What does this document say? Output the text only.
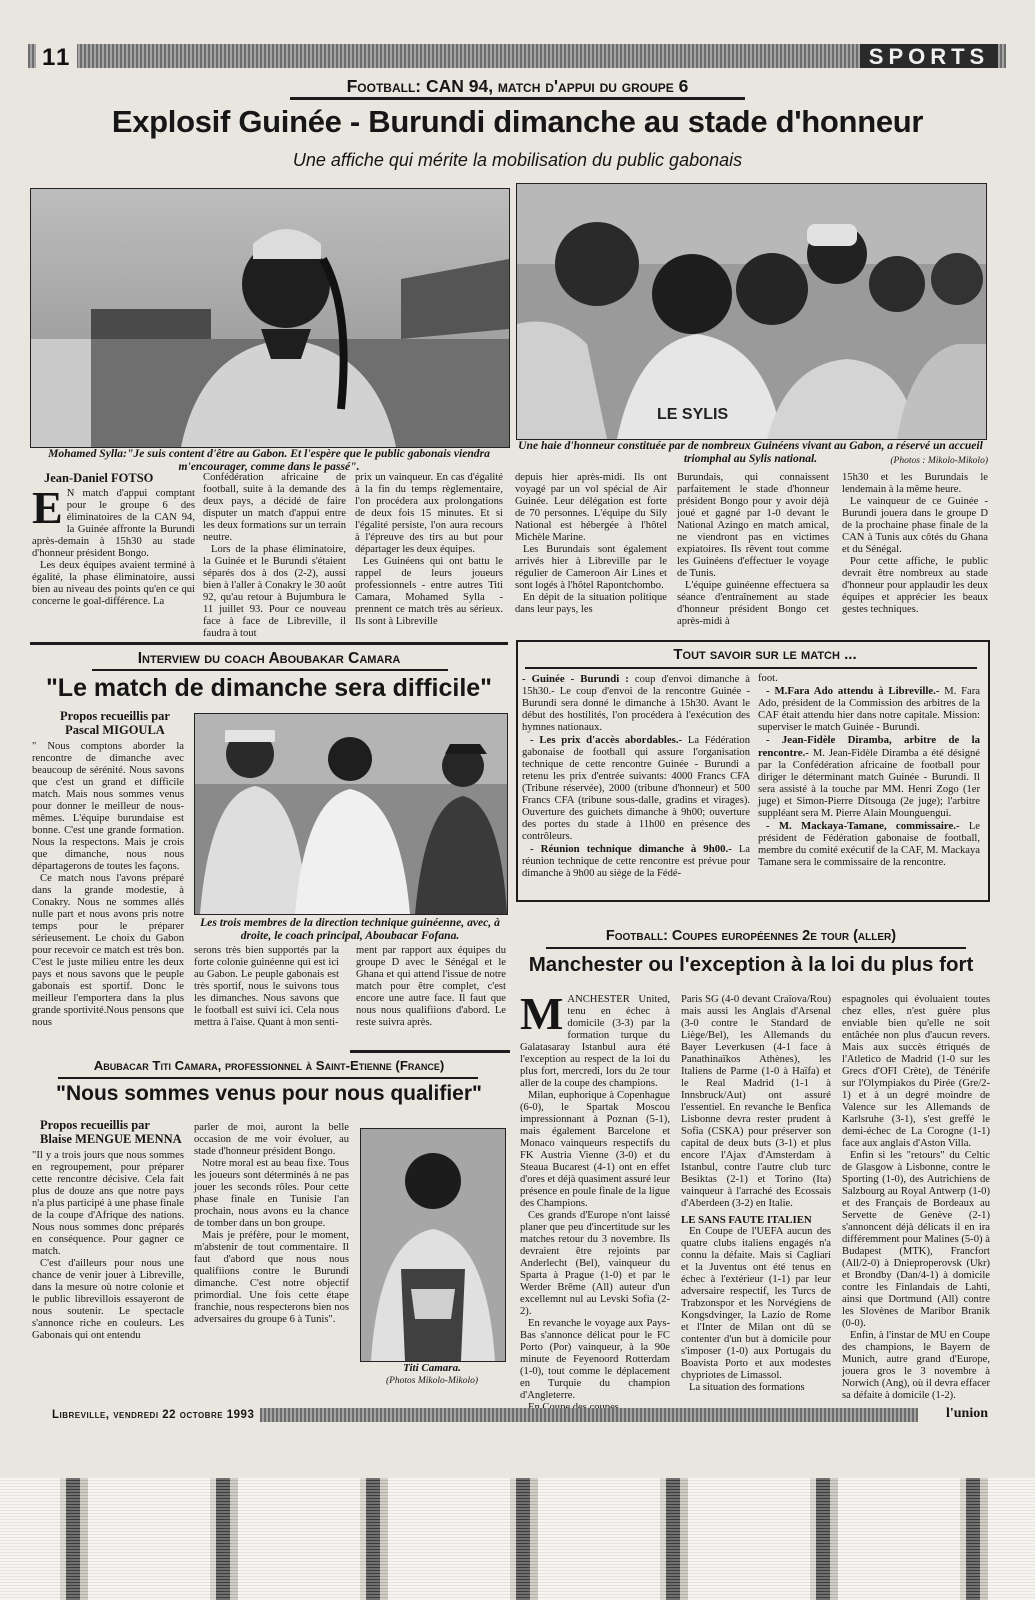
11	SPORTS
Football: CAN 94, match d'appui du groupe 6
Explosif Guinée - Burundi dimanche au stade d'honneur
Une affiche qui mérite la mobilisation du public gabonais
Mohamed Sylla:"Je suis content d'être au Gabon. Et l'espère que le public gabonais viendra m'encourager, comme dans le passé".
LE SYLIS
Une haie d'honneur constituée par de nombreux Guinéens vivant au Gabon, a réservé un accueil triomphal au Sylis national.	(Photos : Mikolo-Mikolo)
Jean-Daniel FOTSO

E N match d'appui comptant pour le groupe 6 des éliminatoires de la CAN 94, la Guinée affronte la Burundi après-demain à 15h30 au stade d'honneur président Bongo.

Les deux équipes avaient terminé à égalité, la phase éliminatoire, aussi bien au niveau des points qu'en ce qui concerne le goal-différence. La

Confédération africaine de football, suite à la demande des deux pays, a décidé de faire disputer un match d'appui entre les deux formations sur un terrain neutre.

Lors de la phase éliminatoire, la Guinée et le Burundi s'étaient séparés dos à dos (2-2), aussi bien à l'aller à Conakry le 30 août 92, qu'au retour à Bujumbura le 11 juillet 93. Pour ce nouveau face à face de Libreville, il faudra à tout

prix un vainqueur. En cas d'égalité à la fin du temps règlementaire, l'on procédera aux prolongations de deux fois 15 minutes. Et si l'égalité persiste, l'on aura recours à l'épreuve des tirs au but pour départager les deux équipes.

Les Guinéens qui ont battu le rappel de leurs joueurs professionnels - entre autres Titi Camara, Mohamed Sylla - prennent ce match très au sérieux. Ils sont à Libreville

depuis hier après-midi. Ils ont voyagé par un vol spécial de Air Guinée. Leur délégation est forte de 70 personnes. L'équipe du Sily National est hébergée à l'hôtel Michèle Marine.

Les Burundais sont également arrivés hier à Libreville par le régulier de Cameroon Air Lines et sont logés à l'hôtel Rapontchombo.

En dépit de la situation politique dans leur pays, les

Burundais, qui connaissent parfaitement le stade d'honneur président Bongo pour y avoir déjà joué et gagné par 1-0 devant le National Azingo en match amical, ne viendront pas en victimes expiatoires. Ils rêvent tout comme les Guinéens d'effectuer le voyage de Tunis.

L'équipe guinéenne effectuera sa séance d'entraînement au stade d'honneur président Bongo cet après-midi à

15h30 et les Burundais le lendemain à la même heure.

Le vainqueur de ce Guinée - Burundi jouera dans le groupe D de la prochaine phase finale de la CAN à Tunis aux côtés du Ghana et du Sénégal.

Pour cette affiche, le public devrait être nombreux au stade d'honneur pour applaudir les deux équipes et apprécier les beaux gestes techniques.

Interview du coach Aboubakar Camara
"Le match de dimanche sera difficile"
Propos recueillis par
Pascal MIGOULA

" Nous comptons aborder la rencontre de dimanche avec beaucoup de sérénité. Nous savons que c'est un grand et difficile match. Mais nous sommes venus pour donner le meilleur de nous-mêmes. L'équipe burundaise est bonne. C'est une grande formation. Nous la respectons. Mais je crois que dimanche, nous nous départagerons de toutes les façons.

Ce match nous l'avons préparé dans la grande modestie, à Conakry. Nous ne sommes allés nulle part et nous avons pris notre temps pour le préparer sérieusement. Le choix du Gabon pour recevoir ce match est très bon. C'est le juste milieu entre les deux pays et nous savons que le peuple gabonais est sportif. Donc le meilleur l'emportera dans la plus grande sportivité.Nous pensons que nous

Les trois membres de la direction technique guinéenne, avec, à droite, le coach principal, Aboubacar Fofana.

serons très bien supportés par la forte colonie guinéenne qui est ici au Gabon. Le peuple gabonais est très sportif, nous le suivons tous les dimanches. Nous savons que le football est suivi ici. Cela nous mettra à l'aise. Quant à mon senti-

ment par rapport aux équipes du groupe D avec le Sénégal et le Ghana et qui attend l'issue de notre match pour être complet, c'est encore une autre face. Il faut que nous nous qualifiions d'abord. Le reste suivra après.

Abubacar Titi Camara, professionnel à Saint-Etienne (France)
"Nous sommes venus pour nous qualifier"
Propos recueillis par
Blaise MENGUE MENNA

"Il y a trois jours que nous sommes en regroupement, pour préparer cette rencontre décisive. Cela fait plus de douze ans que notre pays n'a plus participé à une phase finale de la coupe d'Afrique des nations. Nous nous sommes donc préparés en conséquence. Pour gagner ce match.

C'est d'ailleurs pour nous une chance de venir jouer à Libreville, dans la mesure où notre colonie et le public librevillois essayeront de nous soutenir. Le spectacle s'annonce riche en couleurs. Les Gabonais qui ont entendu

parler de moi, auront la belle occasion de me voir évoluer, au stade d'honneur président Bongo.

Notre moral est au beau fixe. Tous les joueurs sont déterminés à ne pas jouer les seconds rôles. Pour cette phase finale en Tunisie l'an prochain, nous avons eu la chance de tomber dans un bon groupe.

Mais je préfère, pour le moment, m'abstenir de tout commentaire. Il faut d'abord que nous nous qualifiions contre le Burundi dimanche. C'est notre objectif primordial. Une fois cette étape franchie, nous respecterons bien nos adversaires du groupe 6 à Tunis".

Titi Camara.
(Photos Mikolo-Mikolo)
Tout savoir sur le match ...

- Guinée - Burundi : coup d'envoi dimanche à 15h30.- Le coup d'envoi de la rencontre Guinée - Burundi sera donné le dimanche à 15h30. Avant le début des hostilités, l'on procédera à l'exécution des hymnes nationaux.

- Les prix d'accès abordables.- La Fédération gabonaise de football qui assure l'organisation technique de cette rencontre Guinée - Burundi a retenu les prix d'entrée suivants: 4000 Francs CFA (Tribune réservée), 2000 (tribune d'honneur) et 500 Francs CFA (tribune sous-dalle, gradins et virages). Ouverture des guichets dimanche à 9h00; ouverture des portes du stade à 11h00 en présence des contrôleurs.

- Réunion technique dimanche à 9h00.- La réunion technique de cette rencontre est prévue pour dimanche à 9h00 au siège de la Fédé-

foot.

- M.Fara Ado attendu à Libreville.- M. Fara Ado, président de la Commission des arbitres de la CAF était attendu hier dans notre capitale. Mission: superviser le match Guinée - Burundi.

- Jean-Fidèle Diramba, arbitre de la rencontre.- M. Jean-Fidèle Diramba a été désigné par la Confédération africaine de football pour diriger le déterminant match Guinée - Burundi. Il sera assisté à la touche par MM. Henri Zogo (1er juge) et Simon-Pierre Ditsouga (2e juge); l'arbitre suppléant sera M. Pierre Alain Mounguengui.

- M. Mackaya-Tamane, commissaire.- Le président de Fédération gabonaise de football, membre du comité exécutif de la CAF, M. Mackaya Tamane sera le commissaire de la rencontre.

Football: Coupes européennes 2e tour (aller)
Manchester ou l'exception à la loi du plus fort

MANCHESTER United, tenu en échec à domicile (3-3) par la formation turque du Galatasaray Istanbul aura été l'exception au respect de la loi du plus fort, mercredi, lors du 2e tour aller de la coupe des champions.

Milan, euphorique à Copenhague (6-0), le Spartak Moscou impressionnant à Poznan (5-1), mais également Barcelone et Monaco vainqueurs respectifs du FK Austria Vienne (3-0) et du Steaua Bucarest (4-1) ont en effet d'ores et déjà quasiment assuré leur présence en poule finale de la ligue des Champions.

Ces grands d'Europe n'ont laissé planer que peu d'incertitude sur les matches retour du 3 novembre. Ils devraient être rejoints par Anderlecht (Bel), vainqueur du Sparta à Prague (1-0) et par le Werder Brême (All) auteur d'un excellemnt nul au Levski Sofia (2-2).

En revanche le voyage aux Pays-Bas s'annonce délicat pour le FC Porto (Por) vainqueur, à la 90e minute de Feyenoord Rotterdam (1-0), tout comme le déplacement en Turquie du champion d'Angleterre.

Paris SG (4-0 devant Craïova/Rou) mais aussi les Anglais d'Arsenal (3-0 contre le Standard de Liège/Bel), les Allemands du Bayer Leverkusen (4-1 face à Panathinaïkos Athènes), les Italiens de Parme (1-0 à Haïfa) et le Real Madrid (1-1 à Innsbruck/Aut) ont assuré l'essentiel. En revanche le Benfica Lisbonne devra rester prudent à Sofia (CSKA) pour préserver son capital de deux buts (3-1) et plus encore l'Ajax d'Amsterdam à Istanbul, contre l'autre club turc Besiktas (2-1) et Torino (Ita) vainqueur à l'arraché des Ecossais d'Aberdeen (3-2) en Italie.

LE SANS FAUTE ITALIEN

En Coupe de l'UEFA aucun des quatre clubs italiens engagés n'a connu la défaite. Mais si Cagliari et la Juventus ont été tenus en échec à l'extérieur (1-1) par leur adversaire respectif, les Turcs de Trabzonspor et les Norvégiens de Kongsdvinger, la Lazio de Rome et l'Inter de Milan ont dû se contenter d'un but à domicile pour s'imposer (1-0) aux Portugais du Boavista Porto et aux modestes chypriotes de Limassol.

La situation des formations

espagnoles qui évoluaient toutes chez elles, n'est guère plus enviable bien qu'elle ne soit entâchée non plus d'aucun revers. Mais aux succès étriqués de l'Atletico de Madrid (1-0 sur les Grecs d'OFI Crète), de Ténérife sur l'Olympiakos du Pirée (Gre/2-1) et à un degré moindre de Valence sur les Allemands de Karlsruhe (3-1), s'est greffé le demi-échec de La Corogne (1-1) face aux anglais d'Aston Villa.

Enfin si les "retours" du Celtic de Glasgow à Lisbonne, contre le Sporting (1-0), des Autrichiens de Salzbourg au Royal Antwerp (1-0) et des Français de Bordeaux au Servette de Genève (2-1) s'annoncent déjà délicats il en ira différemment pour Malines (5-0) à Budapest (MTK), Francfort (All/2-0) à Dnieproperovsk (Ukr) et Brondby (Dan/4-1) à domicile contre les Finlandais de Lahti, ainsi que Dortmund (All) contre les Slovènes de Maribor Branik (0-0).

Enfin, à l'instar de MU en Coupe des champions, le Bayern de Munich, autre grand d'Europe, jouera gros le 3 novembre à Norwich (Ang), où il devra effacer sa défaite à domicile (1-2).

Libreville, vendredi 22 octobre 1993	l'union
